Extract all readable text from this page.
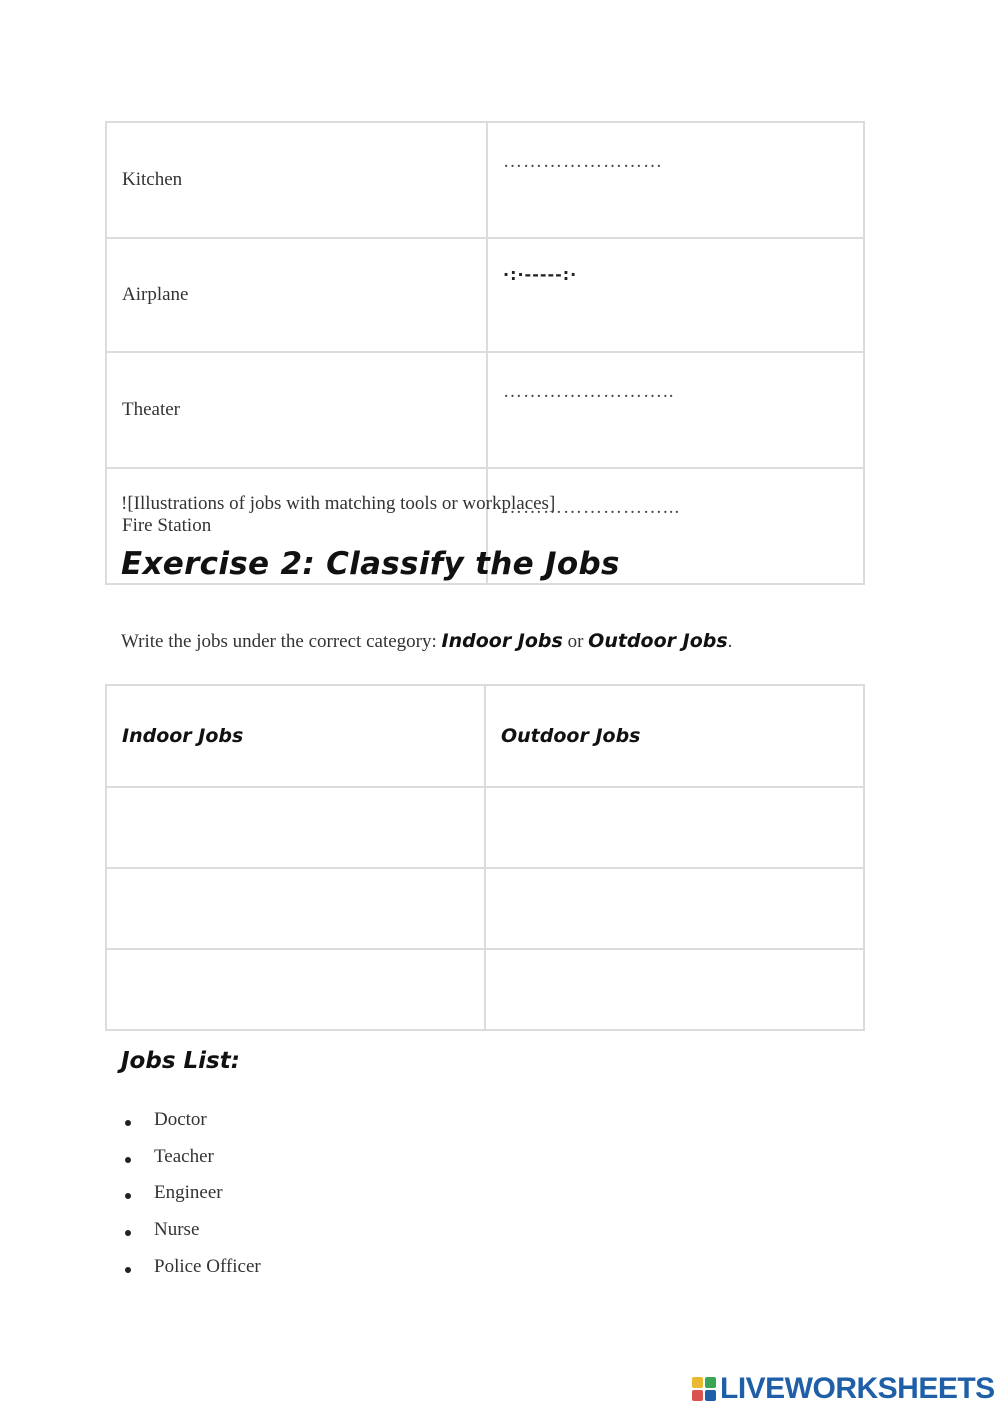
Kitchen	……………………
Airplane	·:·-----:·
Theater	……………………..
Fire Station	……………………...
![Illustrations of jobs with matching tools or workplaces]
Exercise 2: Classify the Jobs
Write the jobs under the correct category: Indoor Jobs or Outdoor Jobs.
Indoor Jobs	Outdoor Jobs

Jobs List:
Doctor
Teacher
Engineer
Nurse
Police Officer
LIVEWORKSHEETS
